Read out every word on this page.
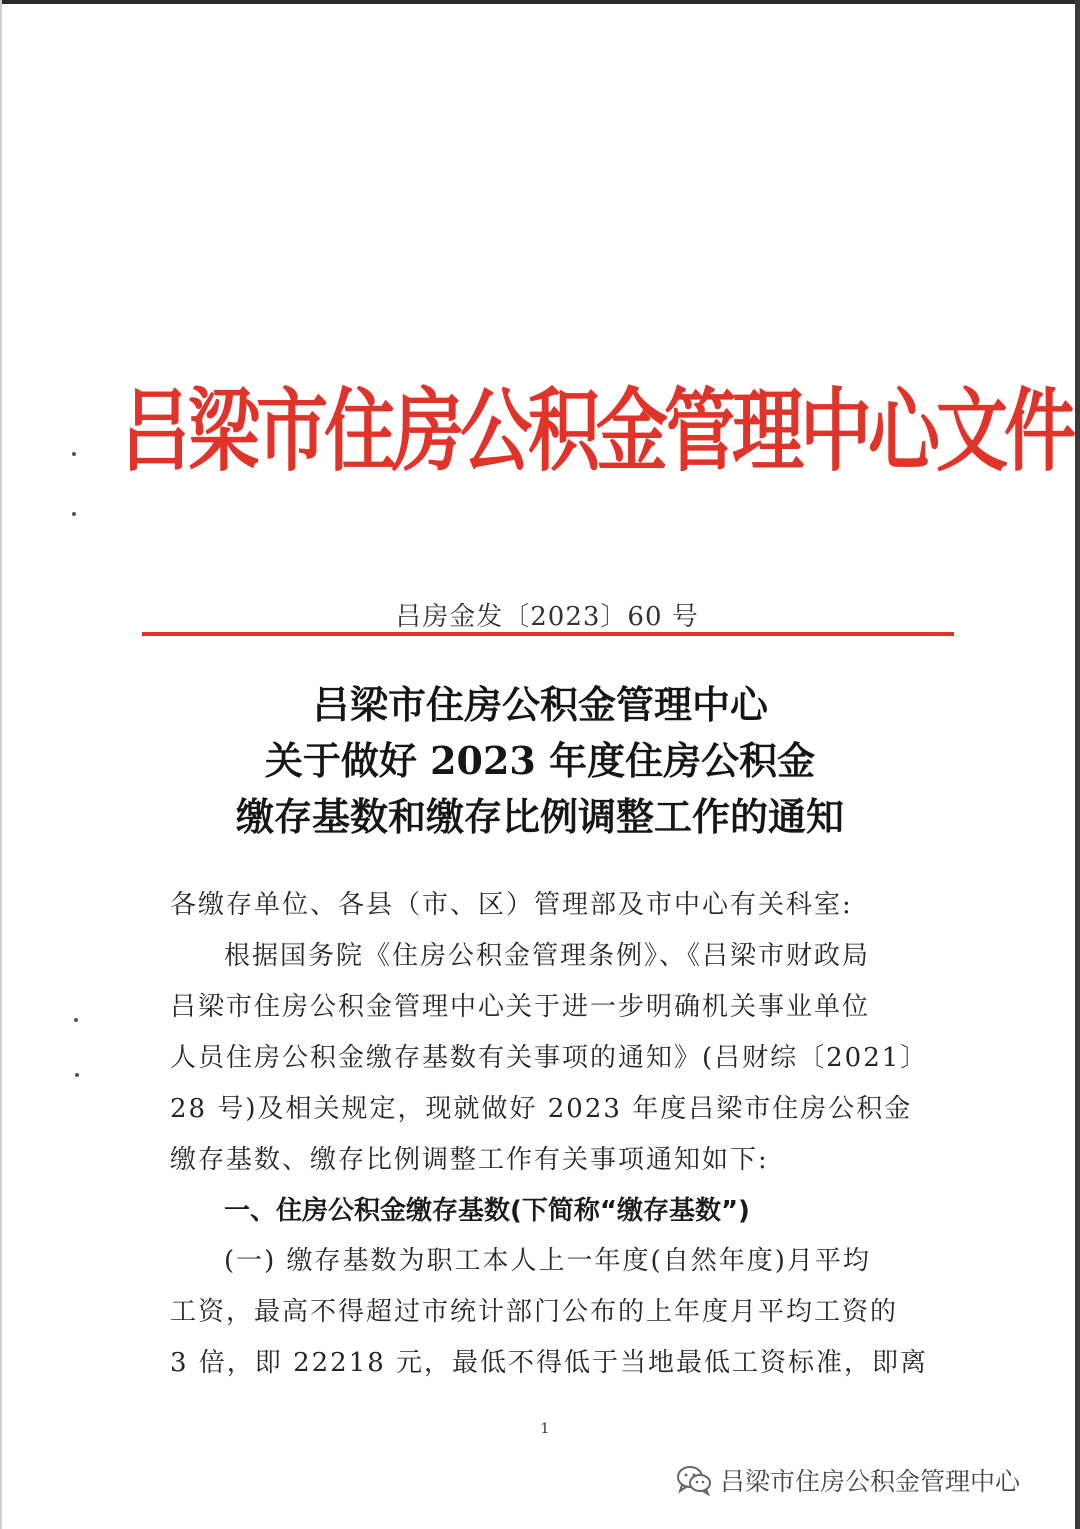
吕梁市住房公积金管理中心文件
吕房金发〔2023〕60 号
吕梁市住房公积金管理中心
关于做好 2023 年度住房公积金
缴存基数和缴存比例调整工作的通知
各缴存单位、各县（市、区）管理部及市中心有关科室:
根据国务院《住房公积金管理条例》、《吕梁市财政局
吕梁市住房公积金管理中心关于进一步明确机关事业单位
人员住房公积金缴存基数有关事项的通知》(吕财综〔2021〕
28 号)及相关规定，现就做好 2023 年度吕梁市住房公积金
缴存基数、缴存比例调整工作有关事项通知如下:
一、住房公积金缴存基数(下简称“缴存基数”)
(一) 缴存基数为职工本人上一年度(自然年度)月平均
工资，最高不得超过市统计部门公布的上年度月平均工资的
3 倍，即 22218 元，最低不得低于当地最低工资标准，即离
1
吕梁市住房公积金管理中心
